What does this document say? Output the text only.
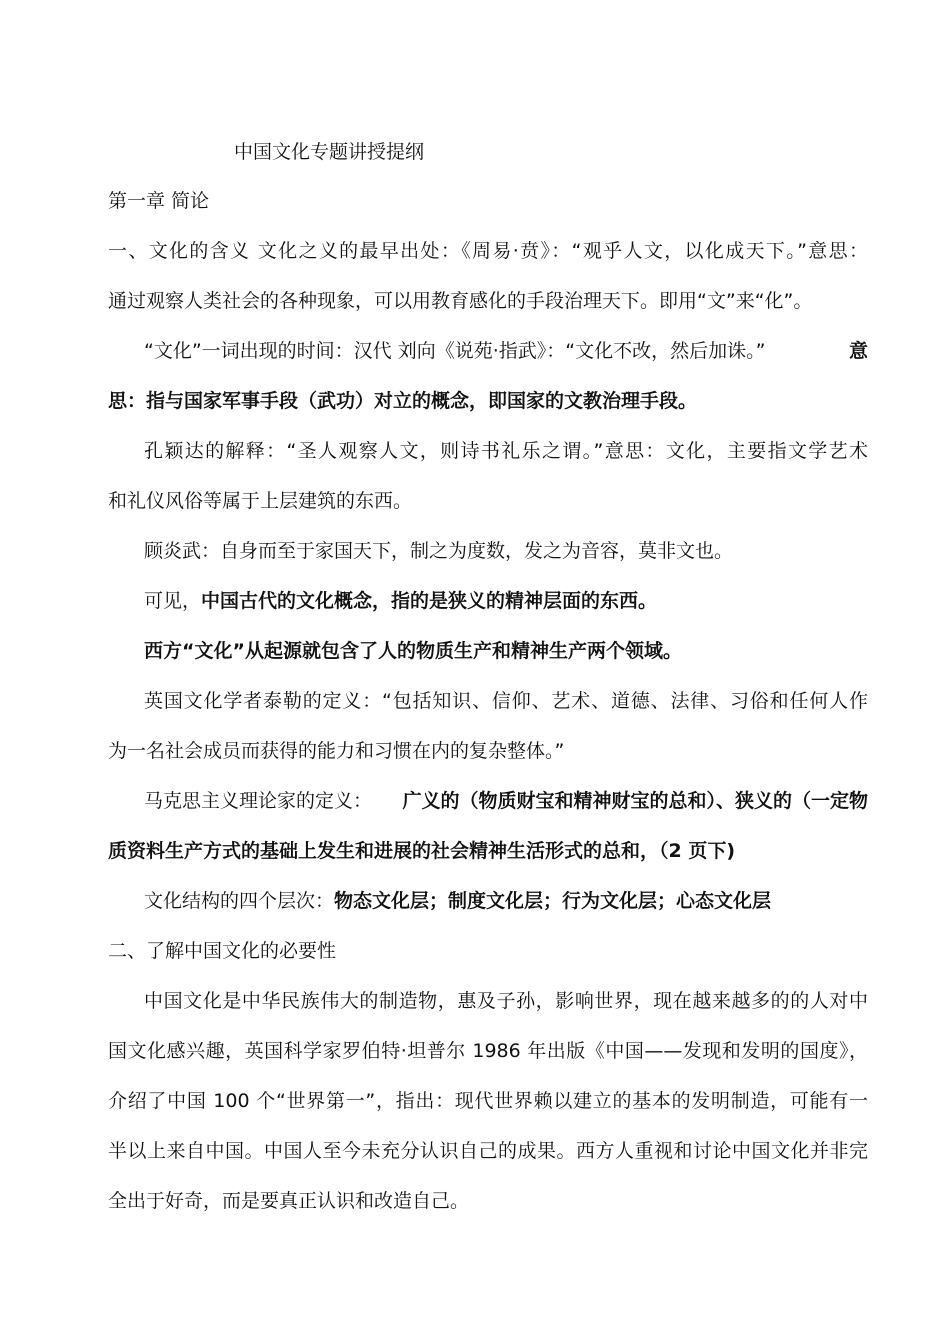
中国文化专题讲授提纲
第一章 简论
一、文化的含义 文化之义的最早出处：《周易·贲》：“观乎人文，以化成天下。”意思：
通过观察人类社会的各种现象，可以用教育感化的手段治理天下。即用“文”来“化”。
“文化”一词出现的时间：汉代 刘向《说苑·指武》：“文化不改，然后加诛。”	意
思：指与国家军事手段（武功）对立的概念，即国家的文教治理手段。
孔颖达的解释：“圣人观察人文，则诗书礼乐之谓。”意思：文化，主要指文学艺术
和礼仪风俗等属于上层建筑的东西。
顾炎武：自身而至于家国天下，制之为度数，发之为音容，莫非文也。
可见，中国古代的文化概念，指的是狭义的精神层面的东西。
西方“文化”从起源就包含了人的物质生产和精神生产两个领域。
英国文化学者泰勒的定义：“包括知识、信仰、艺术、道德、法律、习俗和任何人作
为一名社会成员而获得的能力和习惯在内的复杂整体。”
马克思主义理论家的定义： 广义的（物质财宝和精神财宝的总和）、狭义的（一定物
质资料生产方式的基础上发生和进展的社会精神生活形式的总和，（2 页下)
文化结构的四个层次：物态文化层；制度文化层；行为文化层；心态文化层
二、了解中国文化的必要性
中国文化是中华民族伟大的制造物，惠及子孙，影响世界，现在越来越多的的人对中
国文化感兴趣，英国科学家罗伯特·坦普尔 1986 年出版《中国——发现和发明的国度》，
介绍了中国 100 个“世界第一”，指出：现代世界赖以建立的基本的发明制造，可能有一
半以上来自中国。中国人至今未充分认识自己的成果。西方人重视和讨论中国文化并非完
全出于好奇，而是要真正认识和改造自己。
